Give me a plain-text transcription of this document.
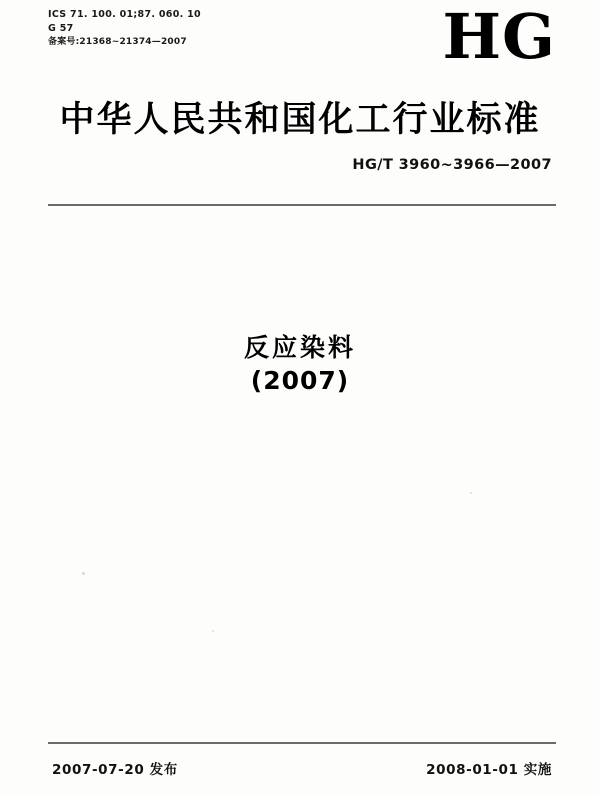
ICS 71. 100. 01;87. 060. 10
G 57
备案号:21368~21374—2007	HG
中华人民共和国化工行业标准
HG/T 3960~3966—2007
反应染料
(2007)
2007-07-20 发布	2008-01-01 实施
